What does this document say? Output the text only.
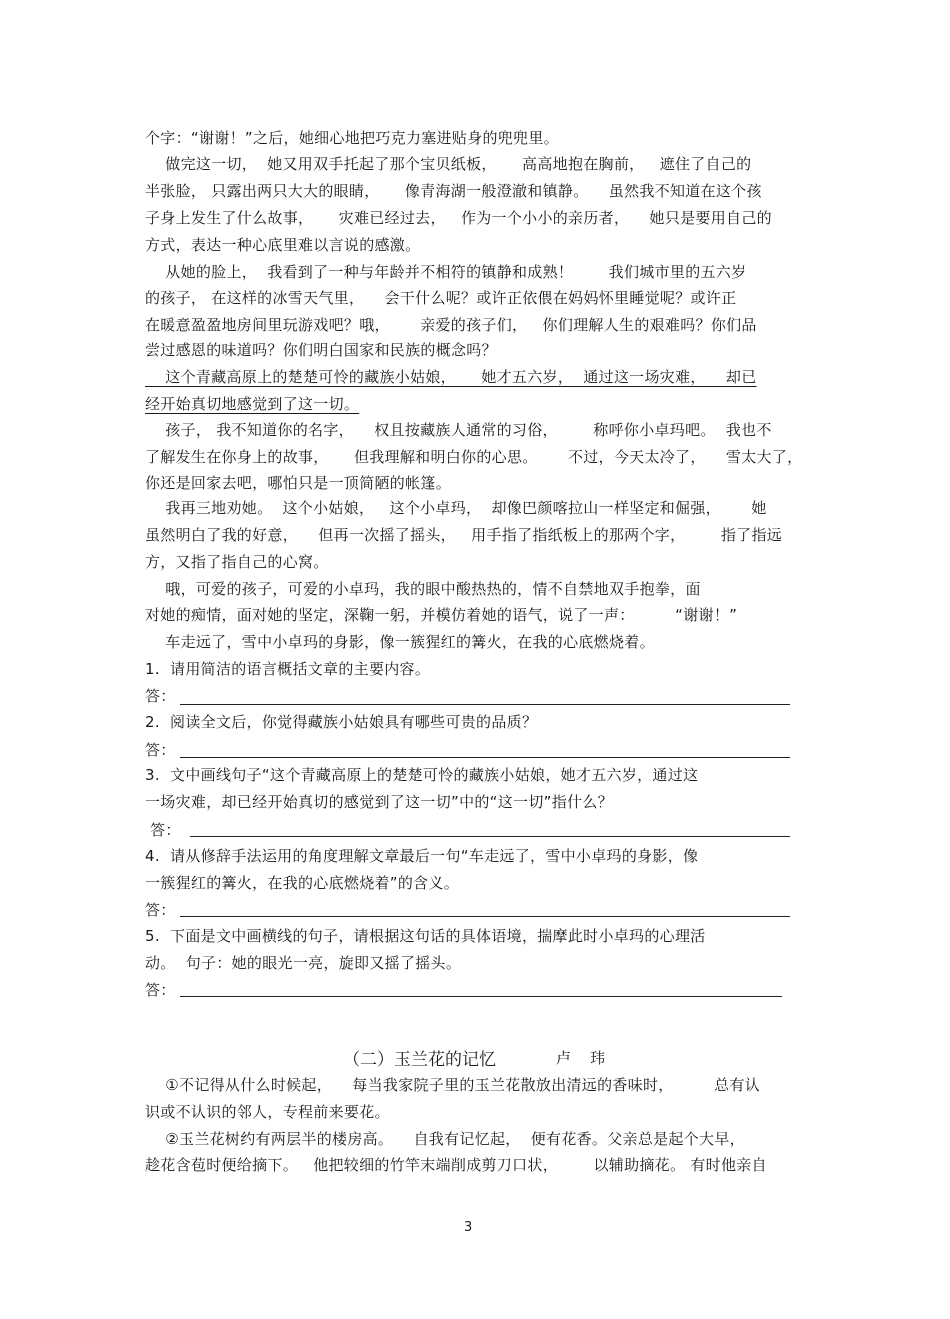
个字：“谢谢！”之后，她细心地把巧克力塞进贴身的兜兜里。
做完这一切，  她又用双手托起了那个宝贝纸板，     高高地抱在胸前，   遮住了自己的
半张脸， 只露出两只大大的眼睛，     像青海湖一般澄澈和镇静。    虽然我不知道在这个孩
子身上发生了什么故事，     灾难已经过去，   作为一个小小的亲历者，    她只是要用自己的
方式，表达一种心底里难以言说的感激。
从她的脸上，  我看到了一种与年龄并不相符的镇静和成熟！       我们城市里的五六岁
的孩子， 在这样的冰雪天气里，    会干什么呢？或许正依偎在妈妈怀里睡觉呢？或许正
在暖意盈盈地房间里玩游戏吧？哦，      亲爱的孩子们，   你们理解人生的艰难吗？你们品
尝过感恩的味道吗？你们明白国家和民族的概念吗？
这个青藏高原上的楚楚可怜的藏族小姑娘，     她才五六岁，  通过这一场灾难，    却已
经开始真切地感觉到了这一切。
孩子， 我不知道你的名字，    权且按藏族人通常的习俗，       称呼你小卓玛吧。  我也不
了解发生在你身上的故事，     但我理解和明白你的心思。      不过，今天太冷了，    雪太大了，
你还是回家去吧，哪怕只是一顶简陋的帐篷。
我再三地劝她。  这个小姑娘，   这个小卓玛，  却像巴颜喀拉山一样坚定和倔强，      她
虽然明白了我的好意，    但再一次摇了摇头，   用手指了指纸板上的那两个字，       指了指远
方，又指了指自己的心窝。
哦，可爱的孩子，可爱的小卓玛，我的眼中酸热热的，情不自禁地双手抱拳，面
对她的痴情，面对她的坚定，深鞠一躬，并模仿着她的语气，说了一声：        “谢谢！”
车走远了，雪中小卓玛的身影，像一簇猩红的篝火，在我的心底燃烧着。
1.  请用简洁的语言概括文章的主要内容。
答：
2.  阅读全文后，你觉得藏族小姑娘具有哪些可贵的品质？
答：
3.  文中画线句子“这个青藏高原上的楚楚可怜的藏族小姑娘，她才五六岁，通过这
一场灾难，却已经开始真切的感觉到了这一切”中的“这一切”指什么？
答：
4.  请从修辞手法运用的角度理解文章最后一句“车走远了，雪中小卓玛的身影，像
一簇猩红的篝火，在我的心底燃烧着”的含义。
答：
5.  下面是文中画横线的句子，请根据这句话的具体语境，揣摩此时小卓玛的心理活
动。  句子：她的眼光一亮，旋即又摇了摇头。
答：
（二）玉兰花的记忆	卢    玮
①不记得从什么时候起，    每当我家院子里的玉兰花散放出清远的香味时，        总有认
识或不认识的邻人，专程前来要花。
②玉兰花树约有两层半的楼房高。    自我有记忆起，  便有花香。父亲总是起个大早，
趁花含苞时便给摘下。   他把较细的竹竿末端削成剪刀口状，       以辅助摘花。 有时他亲自
3
